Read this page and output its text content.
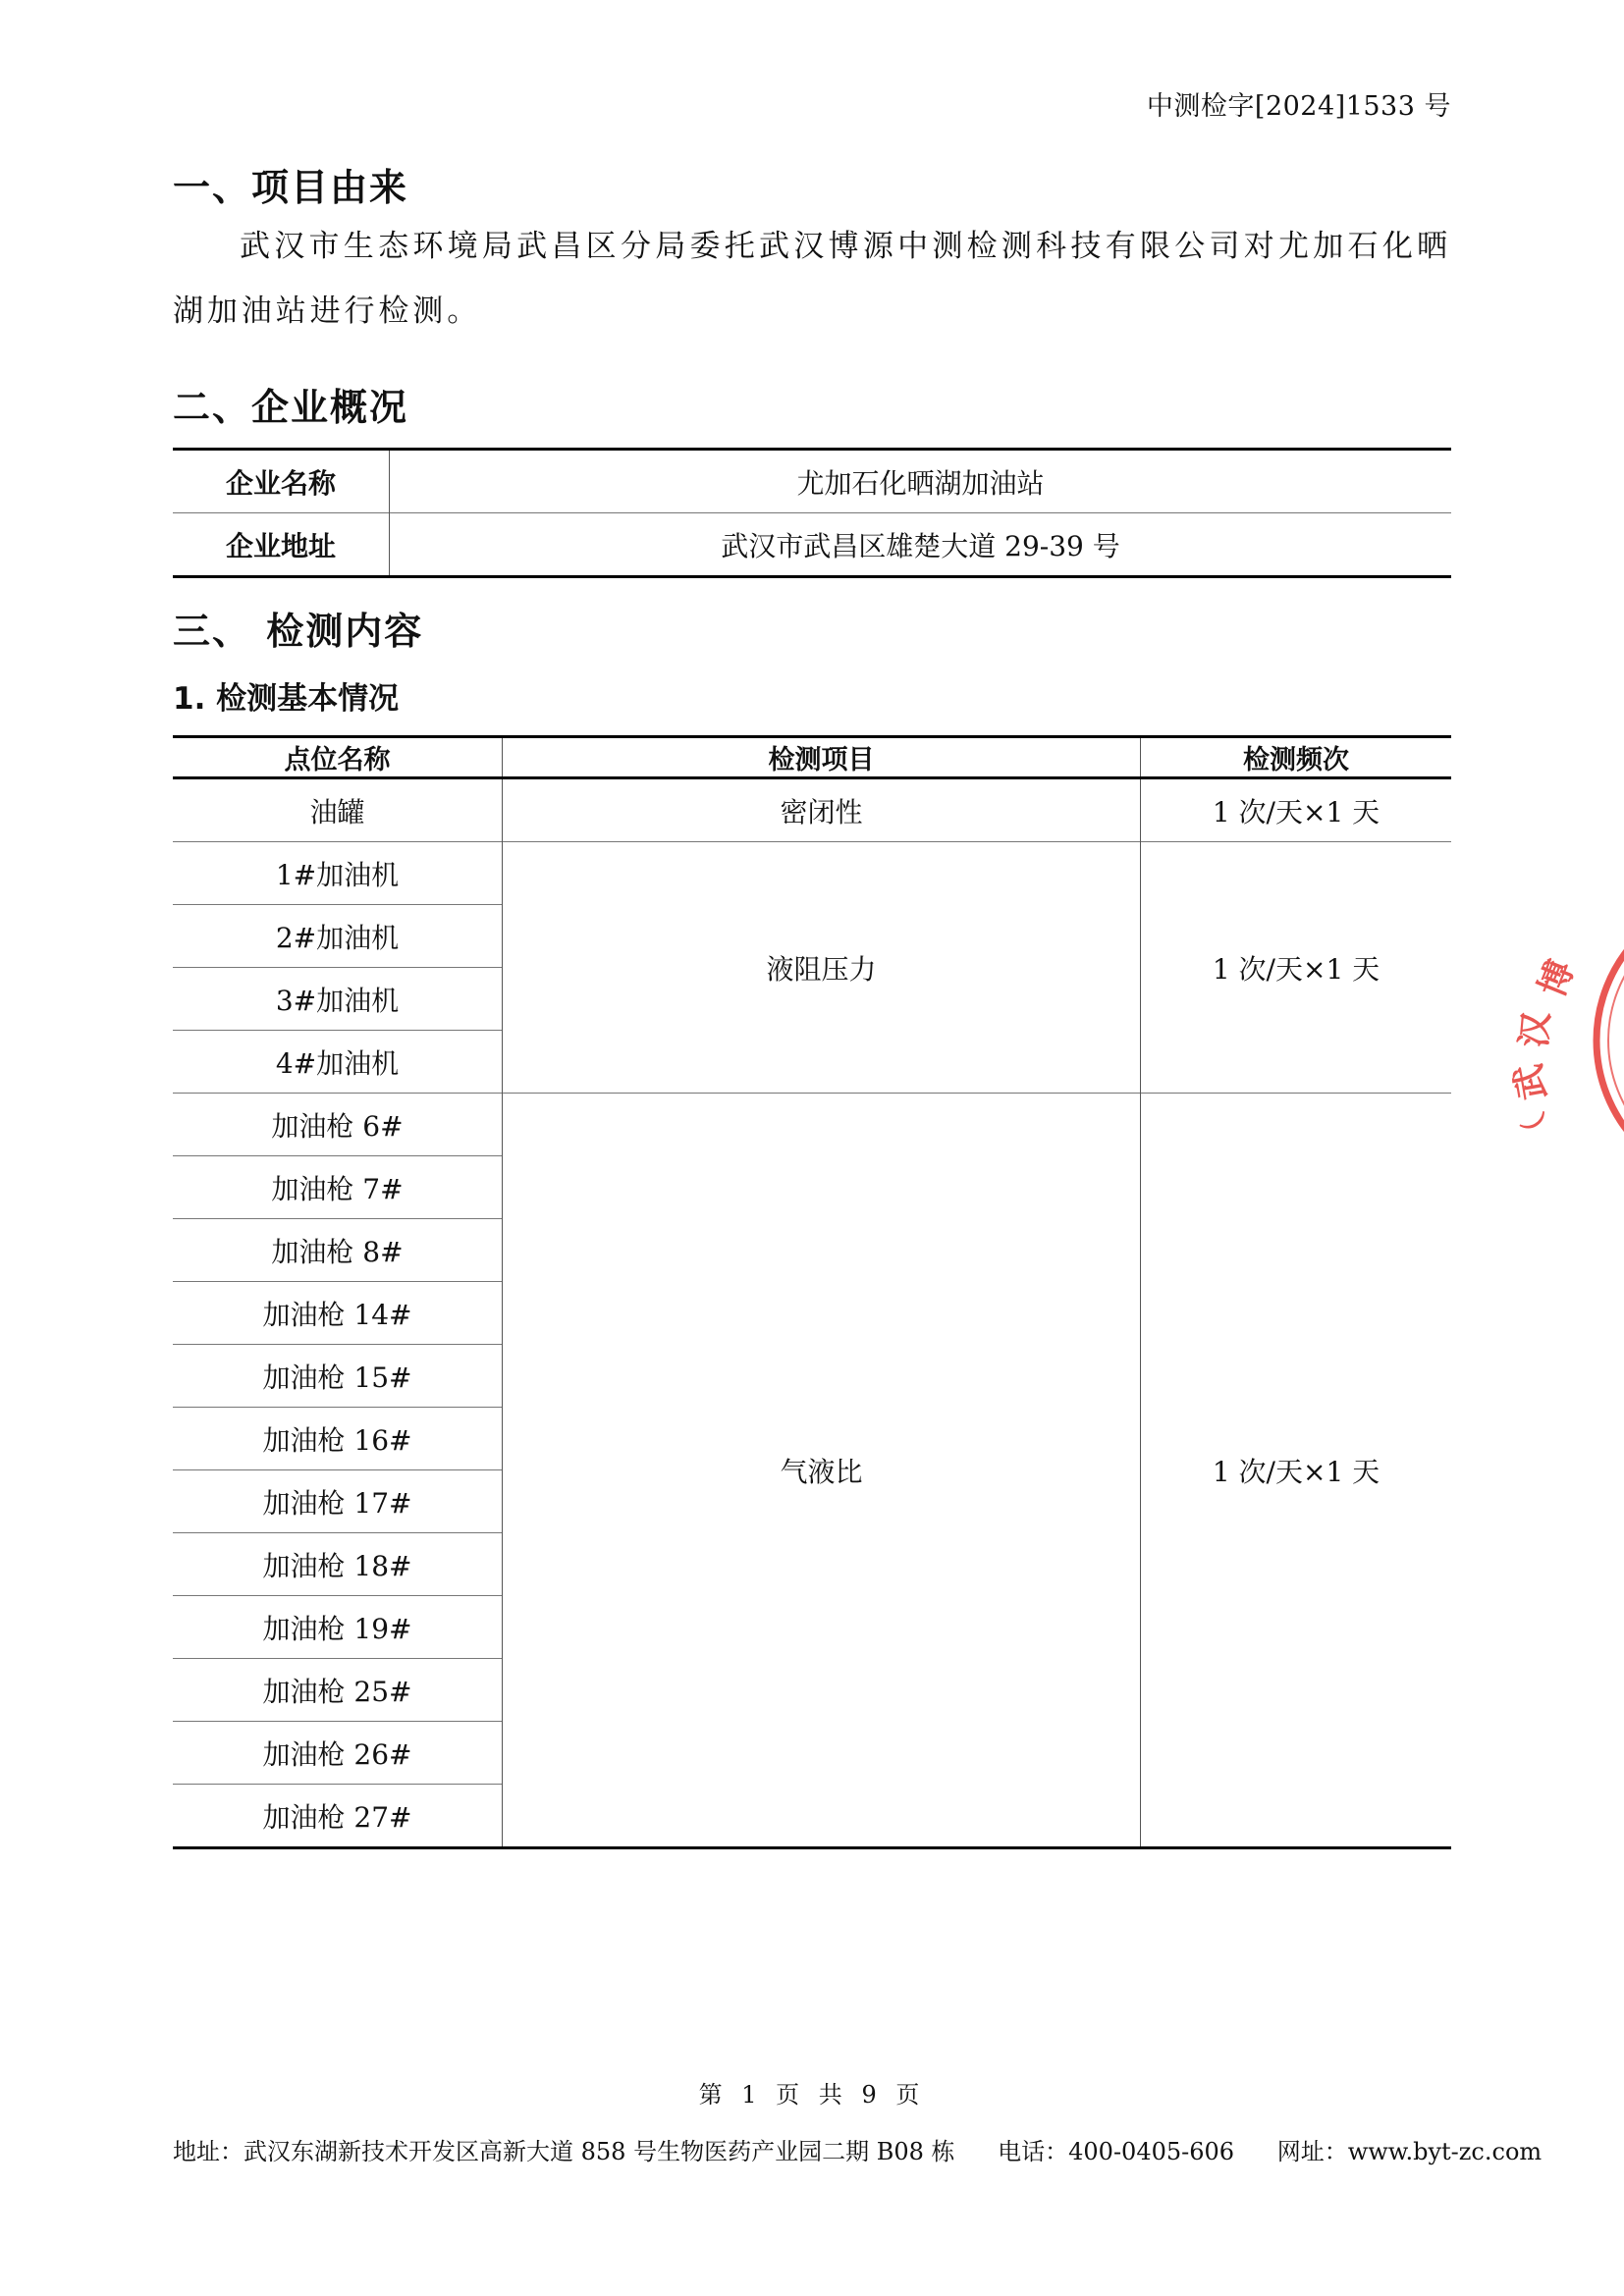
中测检字[2024]1533 号
一、项目由来
武汉市生态环境局武昌区分局委托武汉博源中测检测科技有限公司对尤加石化晒湖加油站进行检测。
二、企业概况
企业名称	尤加石化晒湖加油站
企业地址	武汉市武昌区雄楚大道 29-39 号
三、 检测内容
1. 检测基本情况
点位名称	检测项目	检测频次
油罐	密闭性	1 次/天×1 天
1#加油机	液阻压力	1 次/天×1 天
2#加油机		
3#加油机		
4#加油机		
加油枪 6#	气液比	1 次/天×1 天
加油枪 7#		
加油枪 8#		
加油枪 14#		
加油枪 15#		
加油枪 16#		
加油枪 17#		
加油枪 18#		
加油枪 19#		
加油枪 25#		
加油枪 26#		
加油枪 27#		
博
汉
武
（
第 1 页 共 9 页
地址：武汉东湖新技术开发区高新大道 858 号生物医药产业园二期 B08 栋 电话：400-0405-606 网址：www.byt-zc.com
